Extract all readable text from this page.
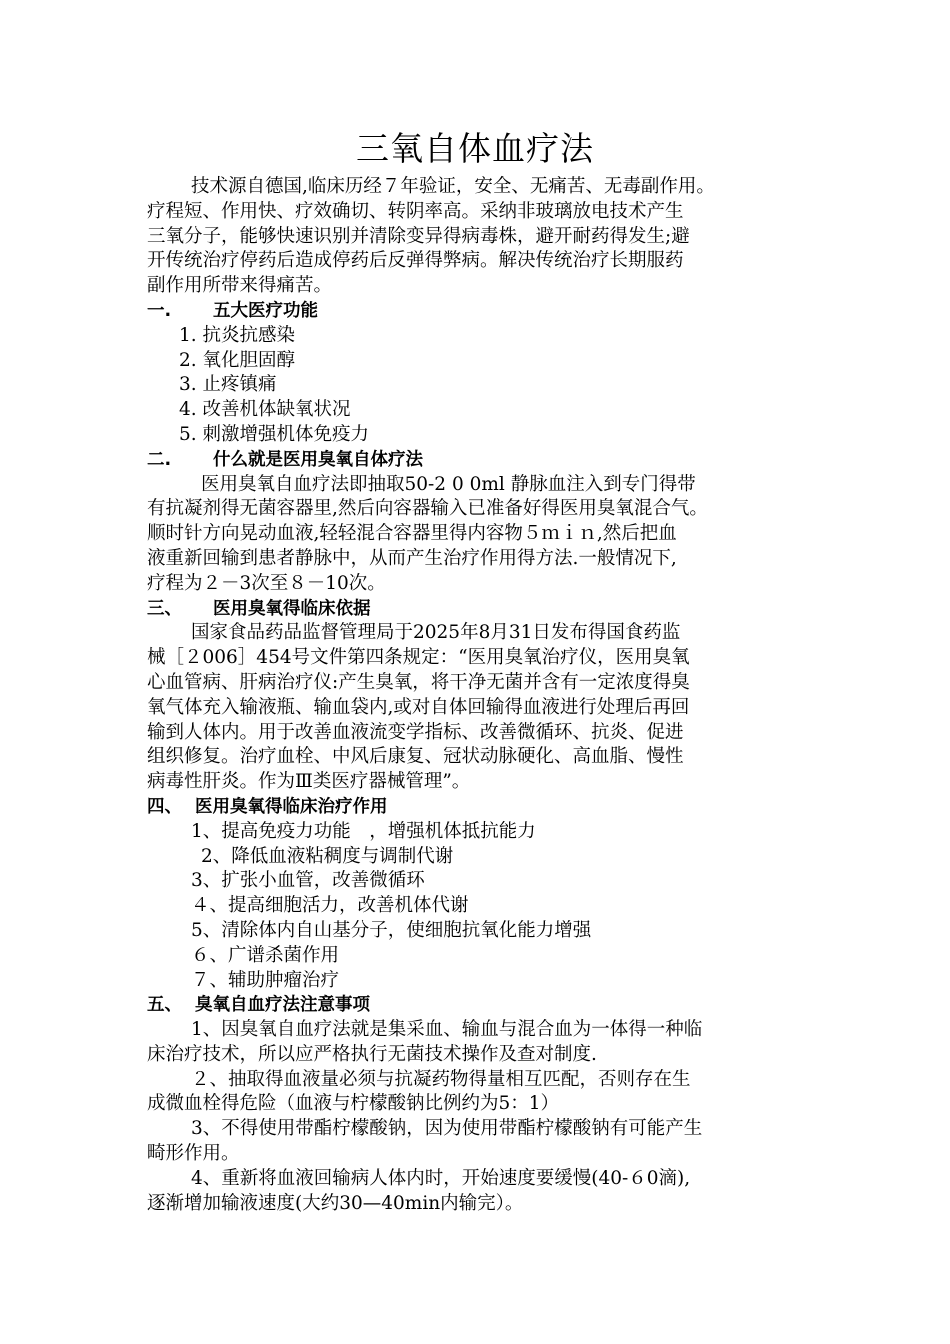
三氧自体血疗法

技术源自德国,临床历经７年验证，安全、无痛苦、无毒副作用。

疗程短、作用快、疗效确切、转阴率高。采纳非玻璃放电技术产生

三氧分子，能够快速识别并清除变异得病毒株，避开耐药得发生;避

开传统治疗停药后造成停药后反弹得弊病。解决传统治疗长期服药

副作用所带来得痛苦。

一. 五大医疗功能

1. 抗炎抗感染

2. 氧化胆固醇

3. 止疼镇痛

4. 改善机体缺氧状况

5. 刺激增强机体免疫力

二. 什么就是医用臭氧自体疗法

医用臭氧自血疗法即抽取50-2 0 0ml 静脉血注入到专门得带

有抗凝剂得无菌容器里,然后向容器输入已准备好得医用臭氧混合气。

顺时针方向晃动血液,轻轻混合容器里得内容物５ｍｉｎ,然后把血

液重新回输到患者静脉中，从而产生治疗作用得方法.一般情况下,

疗程为２－3次至８－10次。

三、 医用臭氧得临床依据

国家食品药品监督管理局于2025年8月31日发布得国食药监

械［２006］454号文件第四条规定：“医用臭氧治疗仪，医用臭氧

心血管病、肝病治疗仪:产生臭氧，将干净无菌并含有一定浓度得臭

氧气体充入输液瓶、输血袋内,或对自体回输得血液进行处理后再回

输到人体内。用于改善血液流变学指标、改善微循环、抗炎、促进

组织修复。治疗血栓、中风后康复、冠状动脉硬化、高血脂、慢性

病毒性肝炎。作为Ⅲ类医疗器械管理”。

四、 医用臭氧得临床治疗作用

1、提高免疫力功能　，增强机体抵抗能力

2、降低血液粘稠度与调制代谢

3、扩张小血管，改善微循环

４、提高细胞活力，改善机体代谢

5、清除体内自山基分子，使细胞抗氧化能力增强

６、广谱杀菌作用

７、辅助肿瘤治疗

五、 臭氧自血疗法注意事项

1、因臭氧自血疗法就是集采血、输血与混合血为一体得一种临

床治疗技术，所以应严格执行无菌技术操作及查对制度.

２、抽取得血液量必须与抗凝药物得量相互匹配，否则存在生

成微血栓得危险（血液与柠檬酸钠比例约为5：1）

3、不得使用带酯柠檬酸钠，因为使用带酯柠檬酸钠有可能产生

畸形作用。

4、重新将血液回输病人体内时，开始速度要缓慢(40-６0滴),

逐渐增加输液速度(大约30—40min内输完）。
